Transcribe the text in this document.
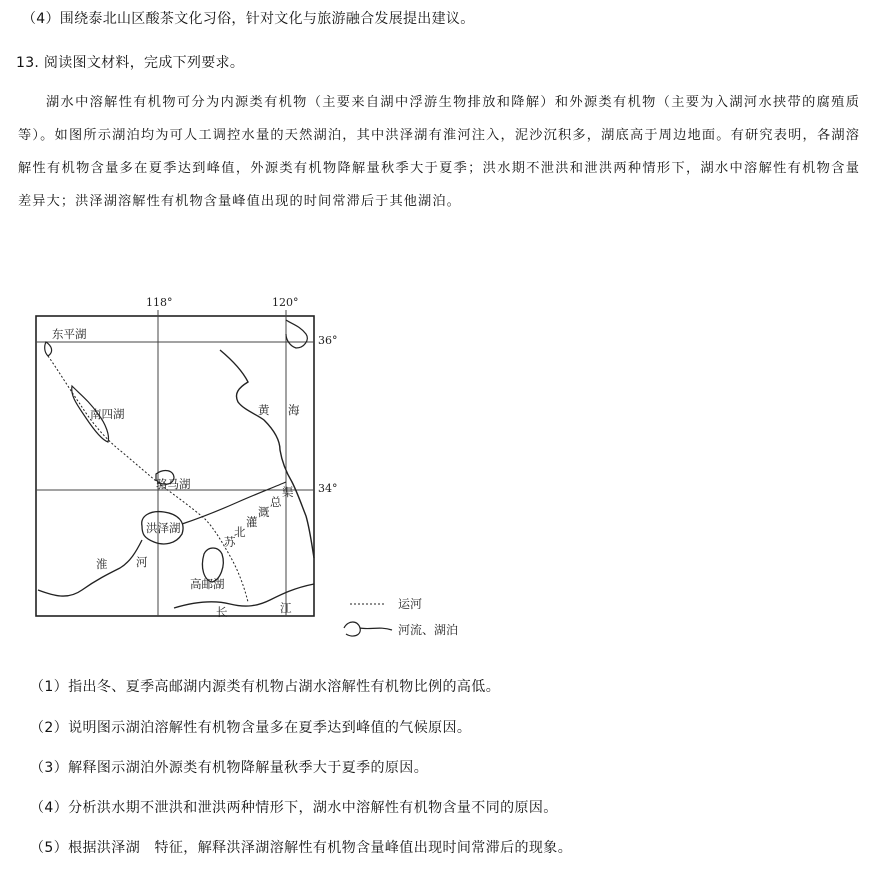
（4）围绕泰北山区酸茶文化习俗，针对文化与旅游融合发展提出建议。
13. 阅读图文材料，完成下列要求。
湖水中溶解性有机物可分为内源类有机物（主要来自湖中浮游生物排放和降解）和外源类有机物（主要为入湖河水挟带的腐殖质等）。如图所示湖泊均为可人工调控水量的天然湖泊，其中洪泽湖有淮河注入，泥沙沉积多，湖底高于周边地面。有研究表明，各湖溶解性有机物含量多在夏季达到峰值，外源类有机物降解量秋季大于夏季；洪水期不泄洪和泄洪两种情形下，湖水中溶解性有机物含量差异大；洪泽湖溶解性有机物含量峰值出现的时间常滞后于其他湖泊。
118°	120°
36°
34°
东平湖
南四湖
骆马湖
洪泽湖
高邮湖
黄 海
淮 河
长	江
苏
北
灌
溉
总
渠
运河
河流、湖泊
（1）指出冬、夏季高邮湖内源类有机物占湖水溶解性有机物比例的高低。
（2）说明图示湖泊溶解性有机物含量多在夏季达到峰值的气候原因。
（3）解释图示湖泊外源类有机物降解量秋季大于夏季的原因。
（4）分析洪水期不泄洪和泄洪两种情形下，湖水中溶解性有机物含量不同的原因。
（5）根据洪泽湖　特征，解释洪泽湖溶解性有机物含量峰值出现时间常滞后的现象。
